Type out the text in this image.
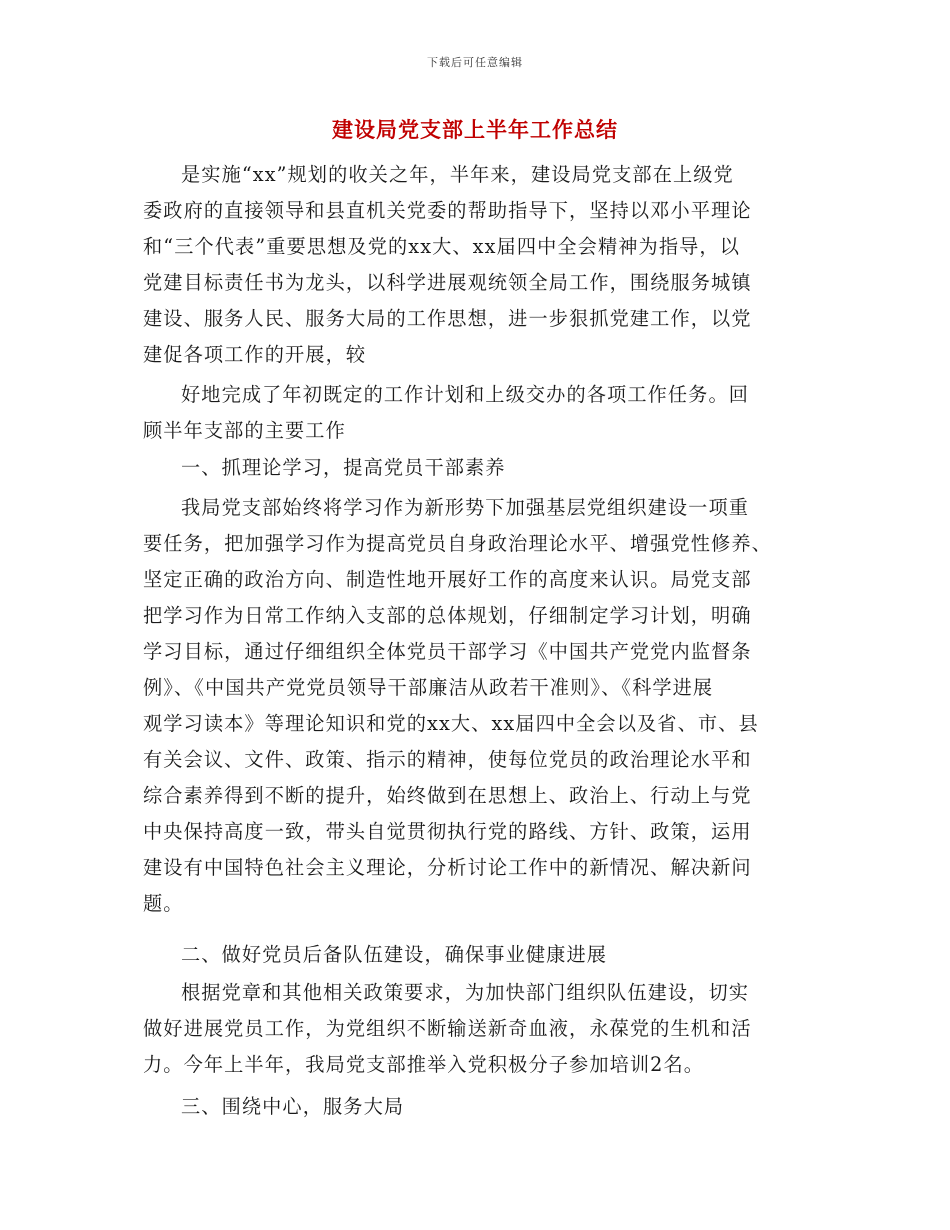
下载后可任意编辑
建设局党支部上半年工作总结
是实施“xx”规划的收关之年，半年来，建设局党支部在上级党
委政府的直接领导和县直机关党委的帮助指导下，坚持以邓小平理论
和“三个代表”重要思想及党的xx大、xx届四中全会精神为指导，以
党建目标责任书为龙头，以科学进展观统领全局工作，围绕服务城镇
建设、服务人民、服务大局的工作思想，进一步狠抓党建工作，以党
建促各项工作的开展，较
好地完成了年初既定的工作计划和上级交办的各项工作任务。回
顾半年支部的主要工作
一、抓理论学习，提高党员干部素养
我局党支部始终将学习作为新形势下加强基层党组织建设一项重
要任务，把加强学习作为提高党员自身政治理论水平、增强党性修养、
坚定正确的政治方向、制造性地开展好工作的高度来认识。局党支部
把学习作为日常工作纳入支部的总体规划，仔细制定学习计划，明确
学习目标，通过仔细组织全体党员干部学习《中国共产党党内监督条
例》、《中国共产党党员领导干部廉洁从政若干准则》、《科学进展
观学习读本》等理论知识和党的xx大、xx届四中全会以及省、市、县
有关会议、文件、政策、指示的精神，使每位党员的政治理论水平和
综合素养得到不断的提升，始终做到在思想上、政治上、行动上与党
中央保持高度一致，带头自觉贯彻执行党的路线、方针、政策，运用
建设有中国特色社会主义理论，分析讨论工作中的新情况、解决新问
题。
二、做好党员后备队伍建设，确保事业健康进展
根据党章和其他相关政策要求，为加快部门组织队伍建设，切实
做好进展党员工作，为党组织不断输送新奇血液，永葆党的生机和活
力。今年上半年，我局党支部推举入党积极分子参加培训2名。
三、围绕中心，服务大局
